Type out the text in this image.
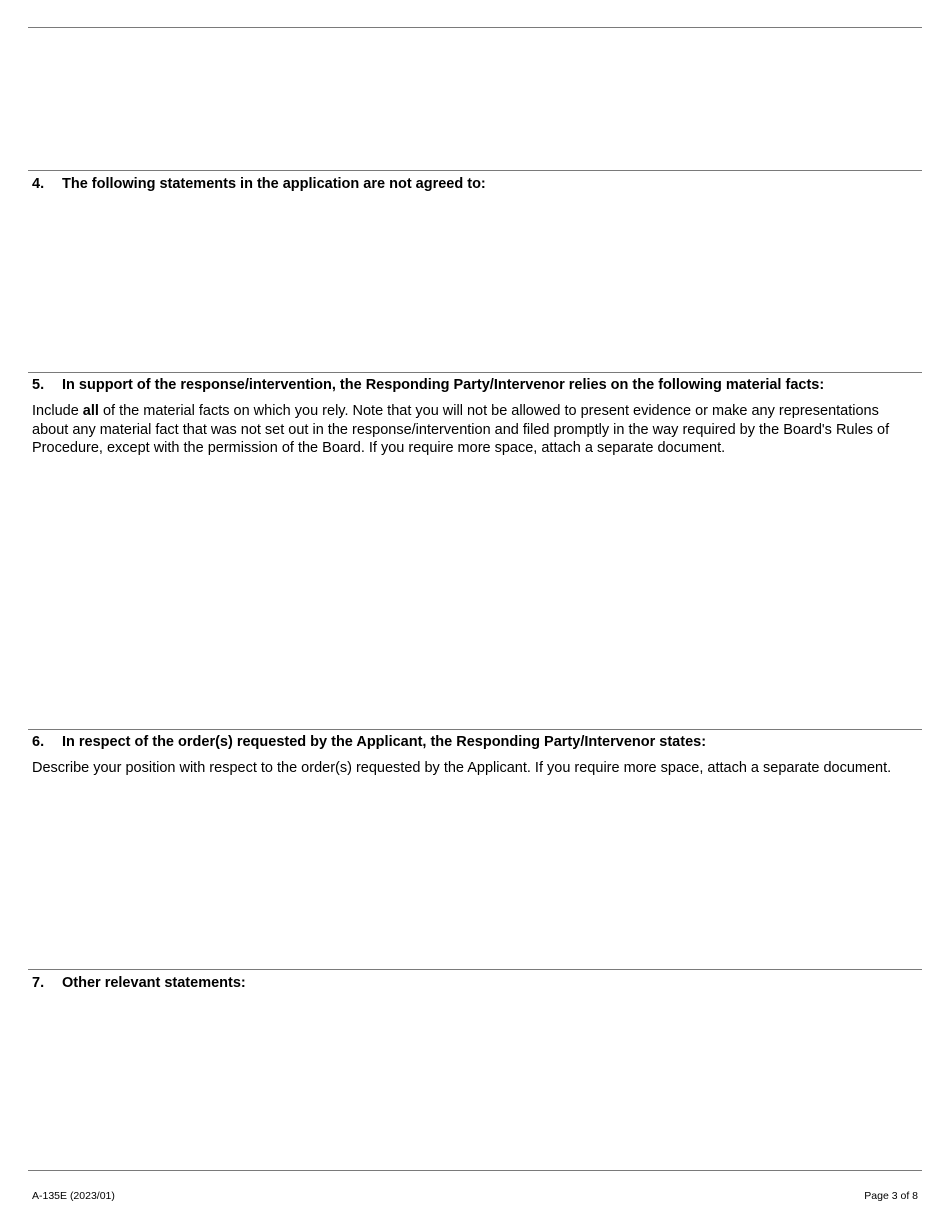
4. The following statements in the application are not agreed to:
5. In support of the response/intervention, the Responding Party/Intervenor relies on the following material facts:
Include all of the material facts on which you rely. Note that you will not be allowed to present evidence or make any representations about any material fact that was not set out in the response/intervention and filed promptly in the way required by the Board's Rules of Procedure, except with the permission of the Board. If you require more space, attach a separate document.
6. In respect of the order(s) requested by the Applicant, the Responding Party/Intervenor states:
Describe your position with respect to the order(s) requested by the Applicant. If you require more space, attach a separate document.
7. Other relevant statements:
A-135E (2023/01)	Page 3 of 8
